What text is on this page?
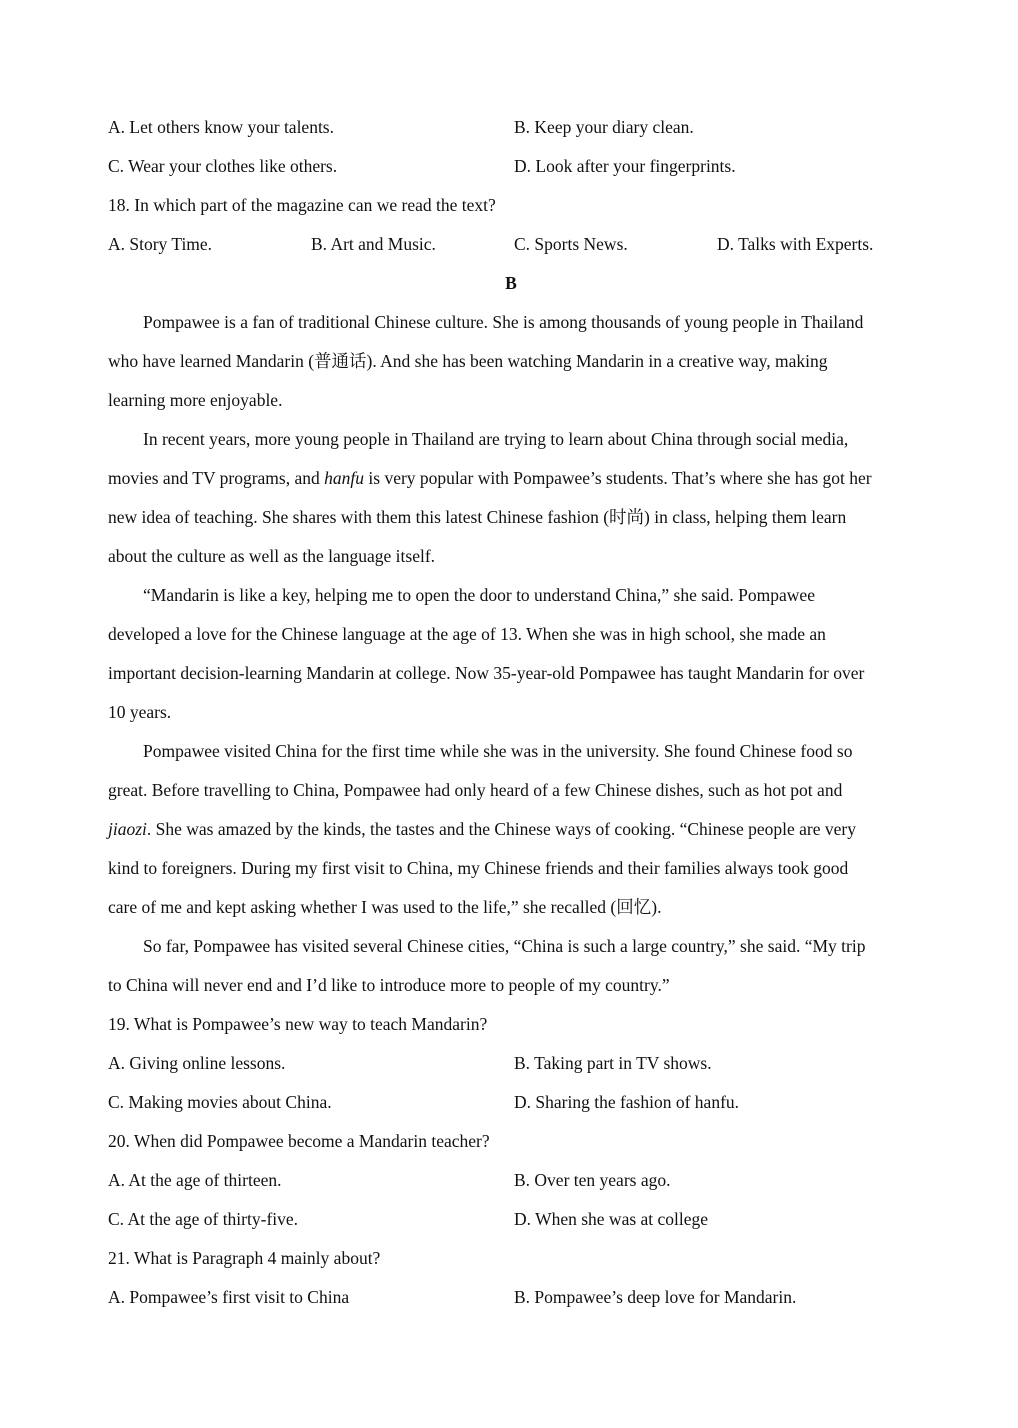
A. Let others know your talents.	B. Keep your diary clean.
C. Wear your clothes like others.	D. Look after your fingerprints.
18. In which part of the magazine can we read the text?
A. Story Time.	B. Art and Music.	C. Sports News.	D. Talks with Experts.
B
Pompawee is a fan of traditional Chinese culture. She is among thousands of young people in Thailand
who have learned Mandarin (普通话). And she has been watching Mandarin in a creative way, making
learning more enjoyable.
In recent years, more young people in Thailand are trying to learn about China through social media,
movies and TV programs, and hanfu is very popular with Pompawee’s students. That’s where she has got her
new idea of teaching. She shares with them this latest Chinese fashion (时尚) in class, helping them learn
about the culture as well as the language itself.
“Mandarin is like a key, helping me to open the door to understand China,” she said. Pompawee
developed a love for the Chinese language at the age of 13. When she was in high school, she made an
important decision-learning Mandarin at college. Now 35-year-old Pompawee has taught Mandarin for over
10 years.
Pompawee visited China for the first time while she was in the university. She found Chinese food so
great. Before travelling to China, Pompawee had only heard of a few Chinese dishes, such as hot pot and
jiaozi. She was amazed by the kinds, the tastes and the Chinese ways of cooking. “Chinese people are very
kind to foreigners. During my first visit to China, my Chinese friends and their families always took good
care of me and kept asking whether I was used to the life,” she recalled (回忆).
So far, Pompawee has visited several Chinese cities, “China is such a large country,” she said. “My trip
to China will never end and I’d like to introduce more to people of my country.”
19. What is Pompawee’s new way to teach Mandarin?
A. Giving online lessons.	B. Taking part in TV shows.
C. Making movies about China.	D. Sharing the fashion of hanfu.
20. When did Pompawee become a Mandarin teacher?
A. At the age of thirteen.	B. Over ten years ago.
C. At the age of thirty-five.	D. When she was at college
21. What is Paragraph 4 mainly about?
A. Pompawee’s first visit to China	B. Pompawee’s deep love for Mandarin.
